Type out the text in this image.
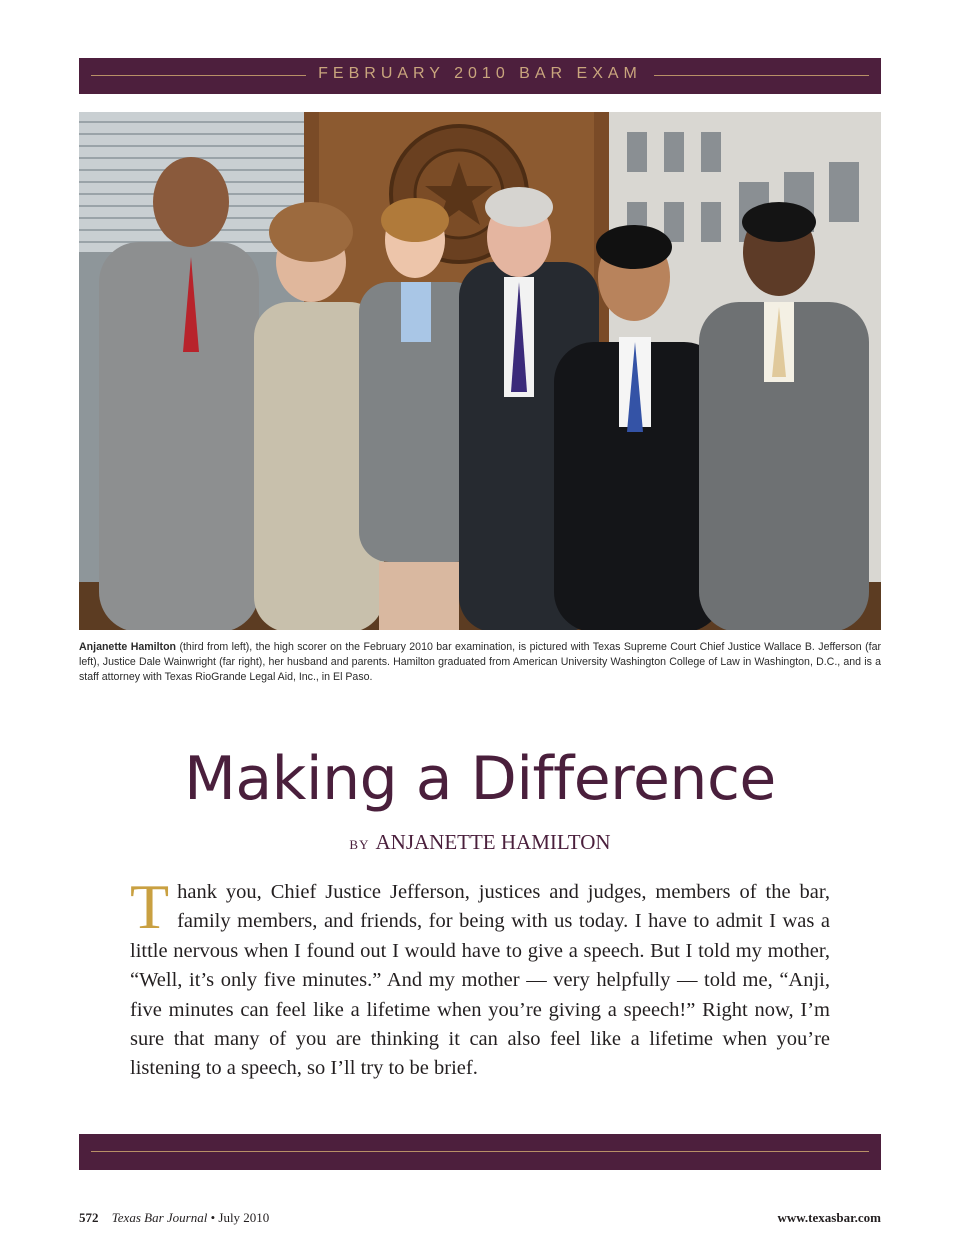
FEBRUARY 2010 BAR EXAM
Anjanette Hamilton (third from left), the high scorer on the February 2010 bar examination, is pictured with Texas Supreme Court Chief Justice Wallace B. Jefferson (far left), Justice Dale Wainwright (far right), her husband and parents. Hamilton graduated from American University Washington College of Law in Washington, D.C., and is a staff attorney with Texas RioGrande Legal Aid, Inc., in El Paso.
Making a Difference
BY ANJANETTE HAMILTON
Thank you, Chief Justice Jefferson, justices and judges, members of the bar, family members, and friends, for being with us today. I have to admit I was a little nervous when I found out I would have to give a speech. But I told my mother, “Well, it’s only five minutes.” And my mother — very helpfully — told me, “Anji, five minutes can feel like a lifetime when you’re giving a speech!” Right now, I’m sure that many of you are thinking it can also feel like a lifetime when you’re listening to a speech, so I’ll try to be brief.
572 Texas Bar Journal • July 2010	www.texasbar.com
